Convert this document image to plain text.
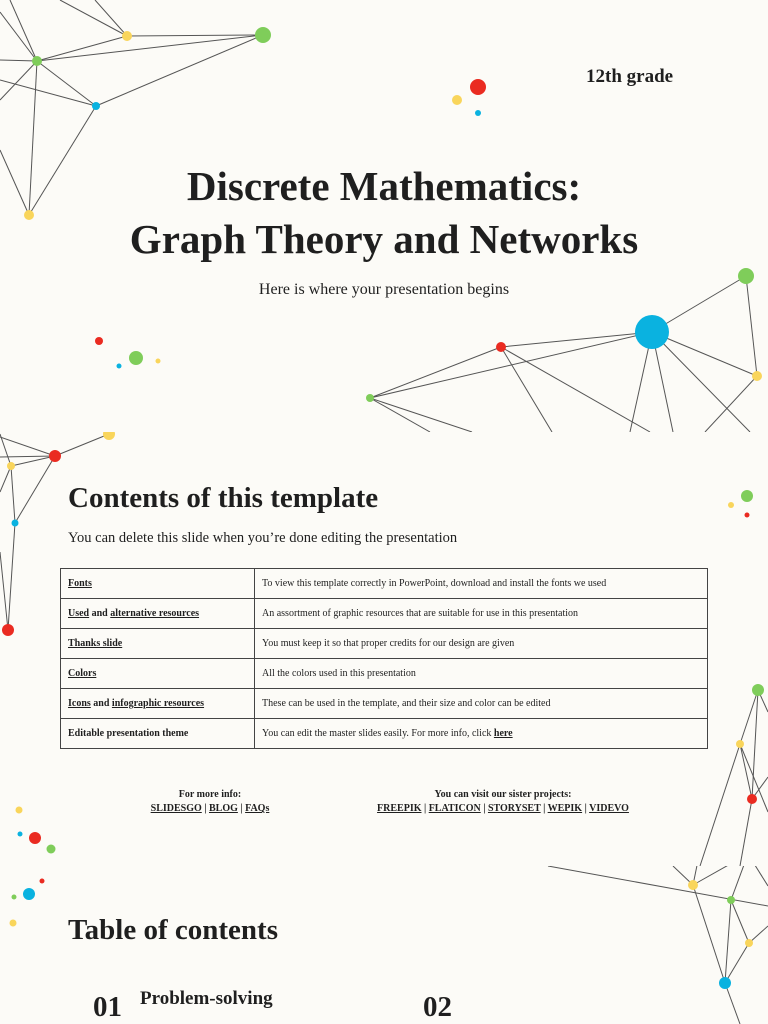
12th grade
Discrete Mathematics:
Graph Theory and Networks
Here is where your presentation begins
Contents of this template
You can delete this slide when you’re done editing the presentation
Fonts	To view this template correctly in PowerPoint, download and install the fonts we used
Used and alternative resources	An assortment of graphic resources that are suitable for use in this presentation
Thanks slide	You must keep it so that proper credits for our design are given
Colors	All the colors used in this presentation
Icons and infographic resources	These can be used in the template, and their size and color can be edited
Editable presentation theme	You can edit the master slides easily. For more info, click here
For more info:
SLIDESGO | BLOG | FAQs
You can visit our sister projects:
FREEPIK | FLATICON | STORYSET | WEPIK | VIDEVO
Table of contents
01 Problem-solving	02
